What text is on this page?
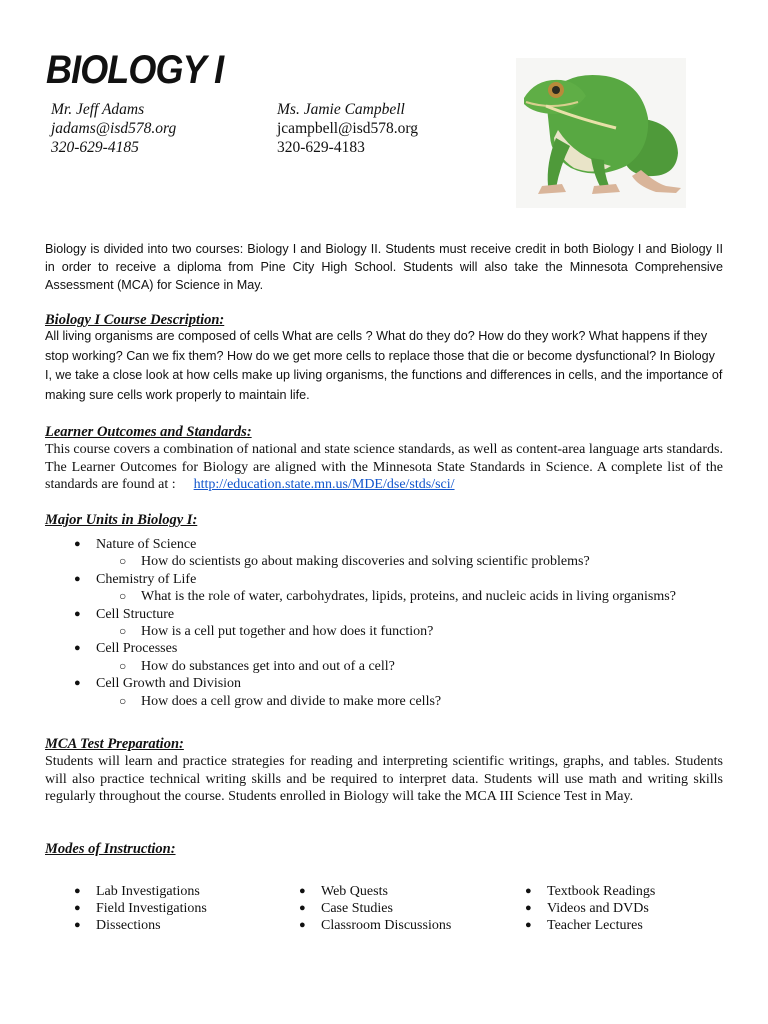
BIOLOGY I
Mr. Jeff Adams
jadams@isd578.org
320-629-4185
Ms. Jamie Campbell
jcampbell@isd578.org
320-629-4183
Biology is divided into two courses: Biology I and Biology II. Students must receive credit in both Biology I and Biology II in order to receive a diploma from Pine City High School. Students will also take the Minnesota Comprehensive Assessment (MCA) for Science in May.
Biology I Course Description:
All living organisms are composed of cells What are cells ? What do they do? How do they work? What happens if they stop working? Can we fix them? How do we get more cells to replace those that die or become dysfunctional? In Biology I, we take a close look at how cells make up living organisms, the functions and differences in cells, and the importance of making sure cells work properly to maintain life.
Learner Outcomes and Standards:
This course covers a combination of national and state science standards, as well as content-area language arts standards. The Learner Outcomes for Biology are aligned with the Minnesota State Standards in Science. A complete list of the standards are found at : http://education.state.mn.us/MDE/dse/stds/sci/
Major Units in Biology I:
● Nature of Science
○ How do scientists go about making discoveries and solving scientific problems?
● Chemistry of Life
○ What is the role of water, carbohydrates, lipids, proteins, and nucleic acids in living organisms?
● Cell Structure
○ How is a cell put together and how does it function?
● Cell Processes
○ How do substances get into and out of a cell?
● Cell Growth and Division
○ How does a cell grow and divide to make more cells?
MCA Test Preparation:
Students will learn and practice strategies for reading and interpreting scientific writings, graphs, and tables. Students will also practice technical writing skills and be required to interpret data. Students will use math and writing skills regularly throughout the course. Students enrolled in Biology will take the MCA III Science Test in May.
Modes of Instruction:
● Lab Investigations
● Field Investigations
● Dissections
● Web Quests
● Case Studies
● Classroom Discussions
● Textbook Readings
● Videos and DVDs
● Teacher Lectures
